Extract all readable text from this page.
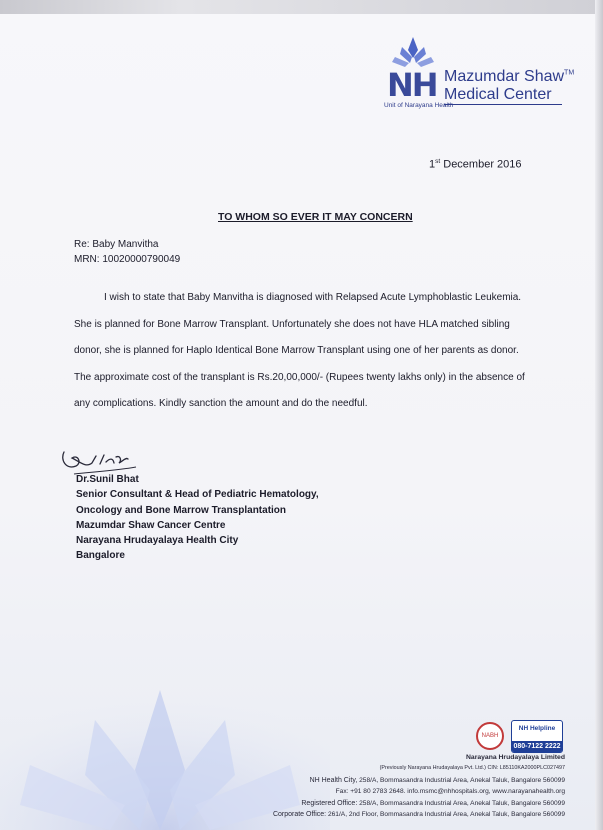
NH Mazumdar Shaw™
Medical Center
Unit of Narayana Health
1st December 2016
TO WHOM SO EVER IT MAY CONCERN
Re: Baby Manvitha
MRN: 10020000790049
I wish to state that Baby Manvitha is diagnosed with Relapsed Acute Lymphoblastic Leukemia.
She is planned for Bone Marrow Transplant. Unfortunately she does not have HLA matched sibling
donor, she is planned for Haplo Identical Bone Marrow Transplant using one of her parents as donor.
The approximate cost of the transplant is Rs.20,00,000/- (Rupees twenty lakhs only) in the absence of
any complications. Kindly sanction the amount and do the needful.
Dr.Sunil Bhat
Senior Consultant & Head of Pediatric Hematology,
Oncology and Bone Marrow Transplantation
Mazumdar Shaw Cancer Centre
Narayana Hrudayalaya Health City
Bangalore
NABH
NH Helpline
080-7122 2222
Narayana Hrudayalaya Limited
(Previously Narayana Hrudayalaya Pvt. Ltd.) CIN: L85110KA2000PLC027497
NH Health City, 258/A, Bommasandra Industrial Area, Anekal Taluk, Bangalore 560099
Fax: +91 80 2783 2648. info.msmc@nhhospitals.org, www.narayanahealth.org
Registered Office: 258/A, Bommasandra Industrial Area, Anekal Taluk, Bangalore 560099
Corporate Office: 261/A, 2nd Floor, Bommasandra Industrial Area, Anekal Taluk, Bangalore 560099
